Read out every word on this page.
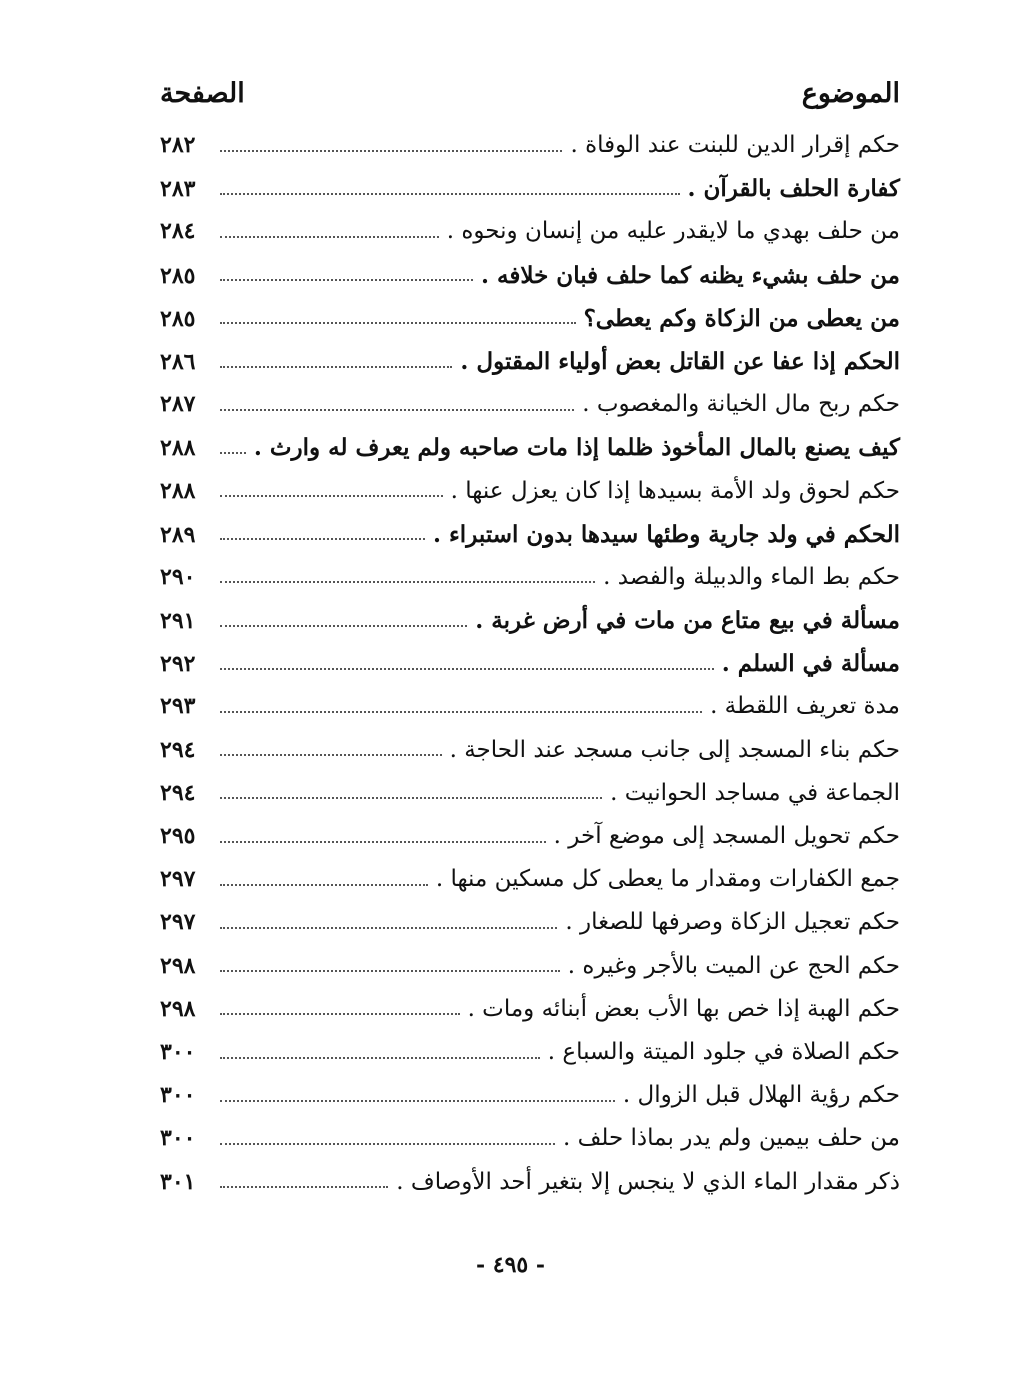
الموضوع
الصفحة
حكم إقرار الدين للبنت عند الوفاة .
٢٨٢
كفارة الحلف بالقرآن .
٢٨٣
من حلف بهدي ما لايقدر عليه من إنسان ونحوه .
٢٨٤
من حلف بشيء يظنه كما حلف فبان خلافه .
٢٨٥
من يعطى من الزكاة وكم يعطى؟
٢٨٥
الحكم إذا عفا عن القاتل بعض أولياء المقتول .
٢٨٦
حكم ربح مال الخيانة والمغصوب .
٢٨٧
كيف يصنع بالمال المأخوذ ظلما إذا مات صاحبه ولم يعرف له وارث .
٢٨٨
حكم لحوق ولد الأمة بسيدها إذا كان يعزل عنها .
٢٨٨
الحكم في ولد جارية وطئها سيدها بدون استبراء .
٢٨٩
حكم بط الماء والدبيلة والفصد .
٢٩٠
مسألة في بيع متاع من مات في أرض غربة .
٢٩١
مسألة في السلم .
٢٩٢
مدة تعريف اللقطة .
٢٩٣
حكم بناء المسجد إلى جانب مسجد عند الحاجة .
٢٩٤
الجماعة في مساجد الحوانيت .
٢٩٤
حكم تحويل المسجد إلى موضع آخر .
٢٩٥
جمع الكفارات ومقدار ما يعطى كل مسكين منها .
٢٩٧
حكم تعجيل الزكاة وصرفها للصغار .
٢٩٧
حكم الحج عن الميت بالأجر وغيره .
٢٩٨
حكم الهبة إذا خص بها الأب بعض أبنائه ومات .
٢٩٨
حكم الصلاة في جلود الميتة والسباع .
٣٠٠
حكم رؤية الهلال قبل الزوال .
٣٠٠
من حلف بيمين ولم يدر بماذا حلف .
٣٠٠
ذكر مقدار الماء الذي لا ينجس إلا بتغير أحد الأوصاف .
٣٠١
- ٤٩٥ -
